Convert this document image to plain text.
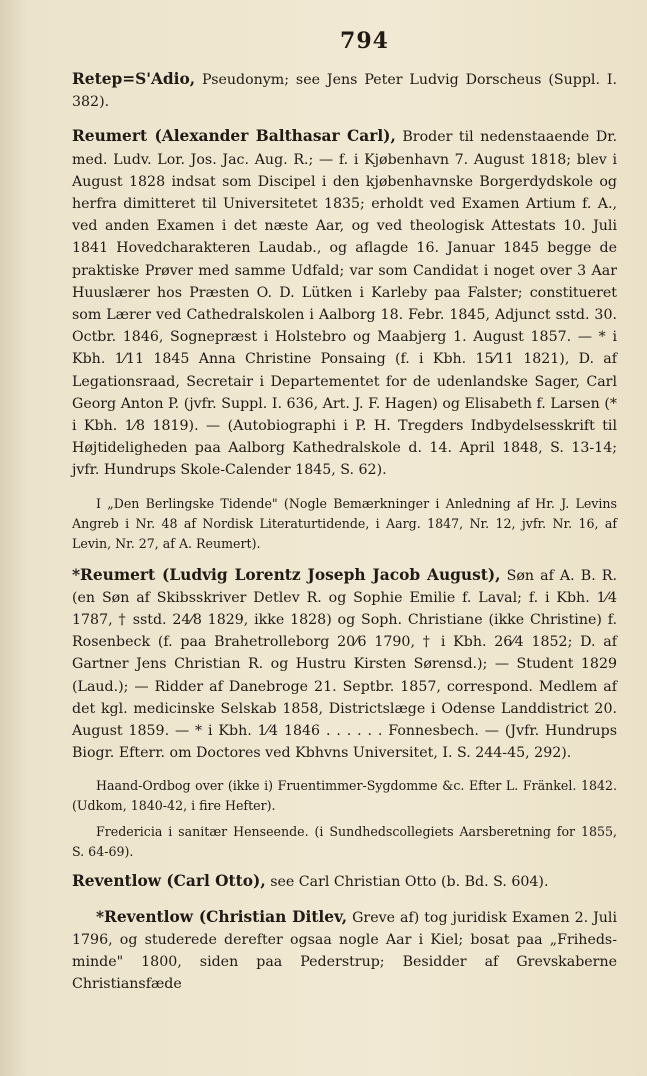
794

Retep=S'Adio, Pseudonym; see Jens Peter Ludvig Dorscheus (Suppl. I. 382).

Reumert (Alexander Balthasar Carl), Broder til nedenstaaende Dr. med. Ludv. Lor. Jos. Jac. Aug. R.; — f. i Kjøbenhavn 7. August 1818; blev i August 1828 indsat som Discipel i den kjøbenhavnske Borgerdydskole og herfra dimitteret til Universitetet 1835; erholdt ved Examen Artium f. A., ved anden Examen i det næste Aar, og ved theologisk Attestats 10. Juli 1841 Hovedcharakteren Laudab., og aflagde 16. Januar 1845 begge de praktiske Prøver med samme Udfald; var som Candidat i noget over 3 Aar Huuslærer hos Præsten O. D. Lütken i Karleby paa Falster; constitueret som Lærer ved Cathedralskolen i Aalborg 18. Febr. 1845, Adjunct sstd. 30. Octbr. 1846, Sognepræst i Holstebro og Maabjerg 1. August 1857. — * i Kbh. 1⁄11 1845 Anna Christine Ponsaing (f. i Kbh. 15⁄11 1821), D. af Legationsraad, Secretair i Departementet for de udenlandske Sager, Carl Georg Anton P. (jvfr. Suppl. I. 636, Art. J. F. Hagen) og Elisabeth f. Larsen (* i Kbh. 1⁄8 1819). — (Autobiographi i P. H. Tregders Indbydelsesskrift til Højtideligheden paa Aalborg Kathedralskole d. 14. April 1848, S. 13-14; jvfr. Hundrups Skole-Calender 1845, S. 62).

I „Den Berlingske Tidende" (Nogle Bemærkninger i Anledning af Hr. J. Levins Angreb i Nr. 48 af Nordisk Literaturtidende, i Aarg. 1847, Nr. 12, jvfr. Nr. 16, af Levin, Nr. 27, af A. Reumert).

*Reumert (Ludvig Lorentz Joseph Jacob August), Søn af A. B. R. (en Søn af Skibsskriver Detlev R. og Sophie Emilie f. Laval; f. i Kbh. 1⁄4 1787, † sstd. 24⁄8 1829, ikke 1828) og Soph. Christiane (ikke Christine) f. Rosenbeck (f. paa Brahetrolleborg 20⁄6 1790, † i Kbh. 26⁄4 1852; D. af Gartner Jens Christian R. og Hustru Kirsten Sørensd.); — Student 1829 (Laud.); — Ridder af Danebroge 21. Septbr. 1857, correspond. Medlem af det kgl. medicinske Selskab 1858, Districtslæge i Odense Landdistrict 20. August 1859. — * i Kbh. 1⁄4 1846 . . . . . . Fonnesbech. — (Jvfr. Hundrups Biogr. Efterr. om Doctores ved Kbhvns Universitet, I. S. 244-45, 292).

Haand-Ordbog over (ikke i) Fruentimmer-Sygdomme &c. Efter L. Fränkel. 1842. (Udkom, 1840-42, i fire Hefter).

Fredericia i sanitær Henseende. (i Sundhedscollegiets Aarsberetning for 1855, S. 64-69).

Reventlow (Carl Otto), see Carl Christian Otto (b. Bd. S. 604).

*Reventlow (Christian Ditlev, Greve af) tog juridisk Examen 2. Juli 1796, og studerede derefter ogsaa nogle Aar i Kiel; bosat paa „Friheds-minde" 1800, siden paa Pederstrup; Besidder af Grevskaberne Christiansfæde
